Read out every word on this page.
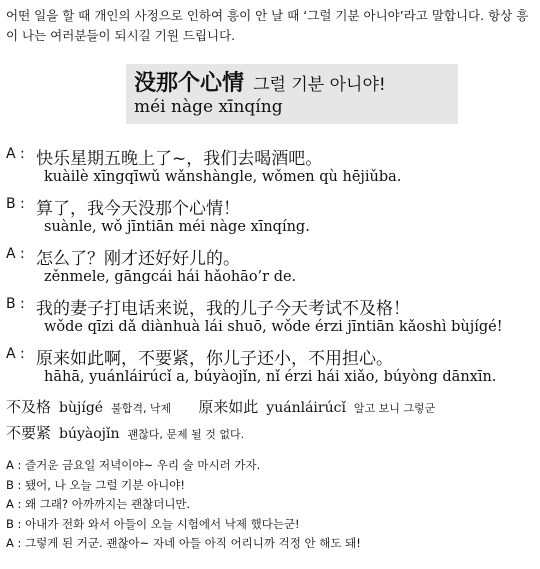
어떤 일을 할 때 개인의 사정으로 인하여 흥이 안 날 때 ‘그럴 기분 아니야’라고 말합니다. 항상 흥이 나는 여러분들이 되시길 기원 드립니다.

没那个心情 그럴 기분 아니야!
méi nàge xīnqíng
A : 快乐星期五晚上了~，我们去喝酒吧。
kuàilè xīngqīwǔ wǎnshàngle, wǒmen qù hējiǔba.
B : 算了，我今天没那个心情！
suànle, wǒ jīntiān méi nàge xīnqíng.
A : 怎么了？刚才还好好儿的。
zěnmele, gāngcái hái hǎohāo’r de.
B : 我的妻子打电话来说，我的儿子今天考试不及格！
wǒde qīzi dǎ diànhuà lái shuō, wǒde érzi jīntiān kǎoshì bùjígé!
A : 原来如此啊，不要紧，你儿子还小，不用担心。
hāhā, yuánláirúcǐ a, búyàojǐn, nǐ érzi hái xiǎo, búyòng dānxīn.
不及格 bùjígé 불합격, 낙제 原来如此 yuánláirúcǐ 알고 보니 그렇군
不要紧 búyàojǐn 괜찮다, 문제 될 것 없다.
A : 즐거운 금요일 저녁이야~ 우리 술 마시러 가자.
B : 됐어, 나 오늘 그럴 기분 아니야!
A : 왜 그래? 아까까지는 괜찮더니만.
B : 아내가 전화 와서 아들이 오늘 시험에서 낙제 했다는군!
A : 그렇게 된 거군. 괜찮아~ 자네 아들 아직 어리니까 걱정 안 해도 돼!
